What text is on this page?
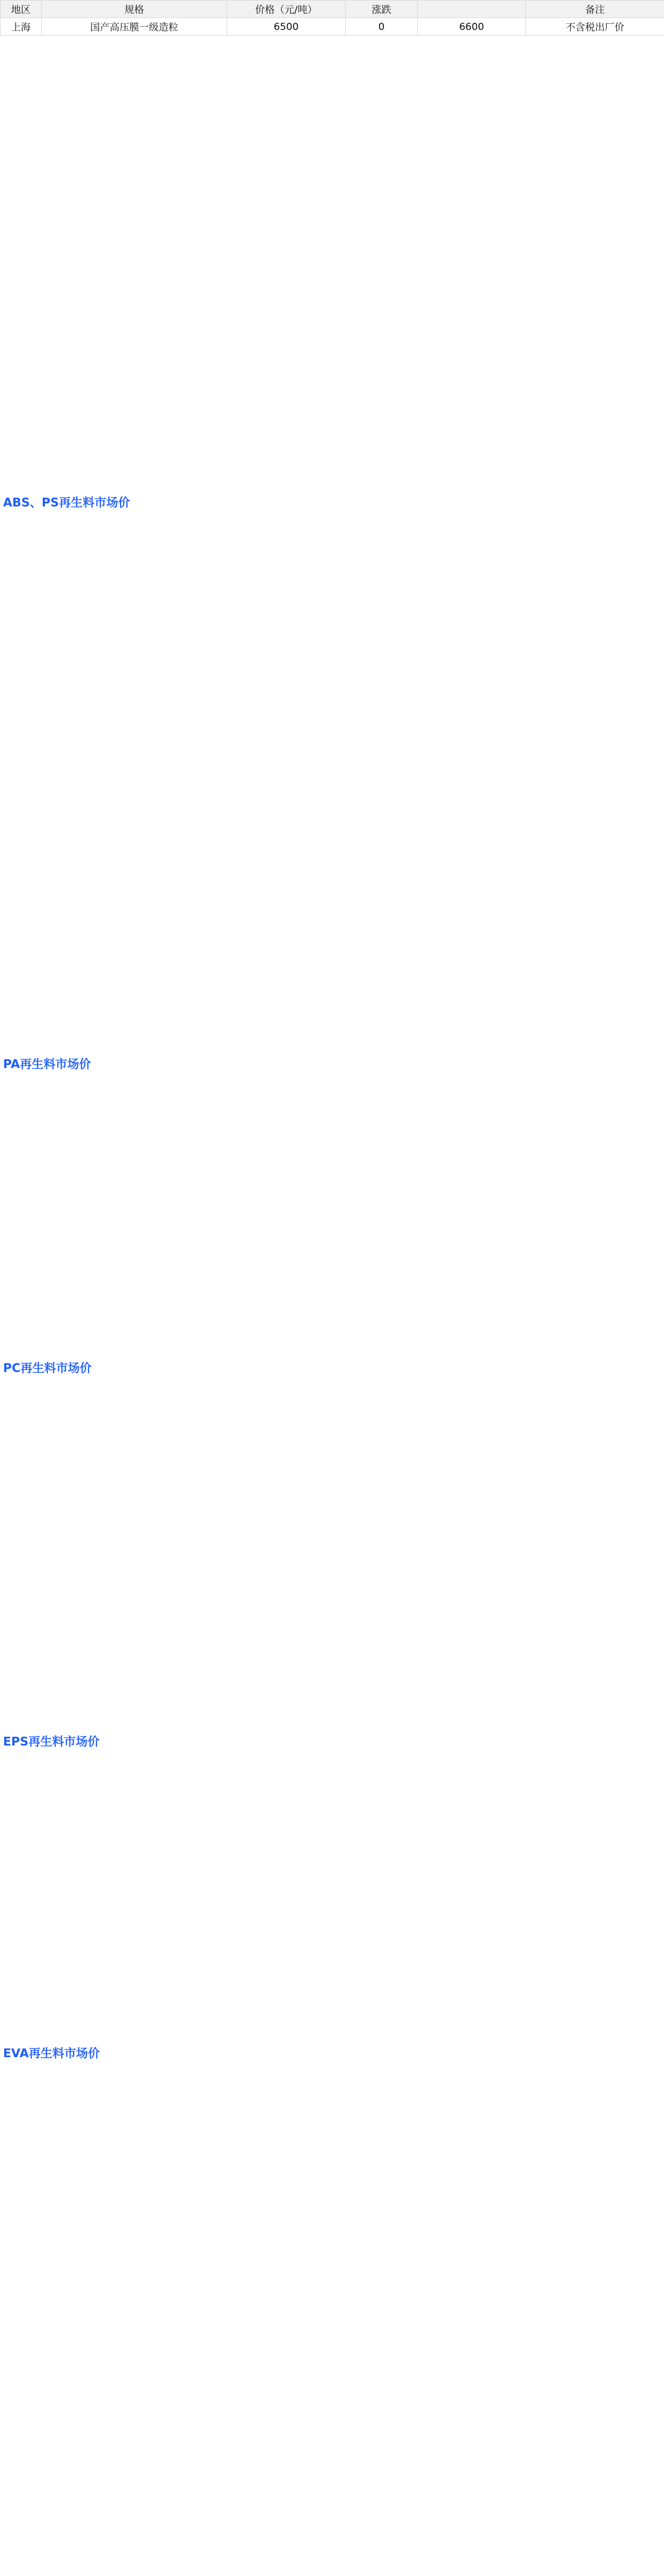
地区	规格	价格（元/吨）	涨跌		备注
上海	国产高压膜一级造粒	6500	0	6600	不含税出厂价
ABS、PS再生料市场价
PA再生料市场价
PC再生料市场价
EPS再生料市场价
EVA再生料市场价
